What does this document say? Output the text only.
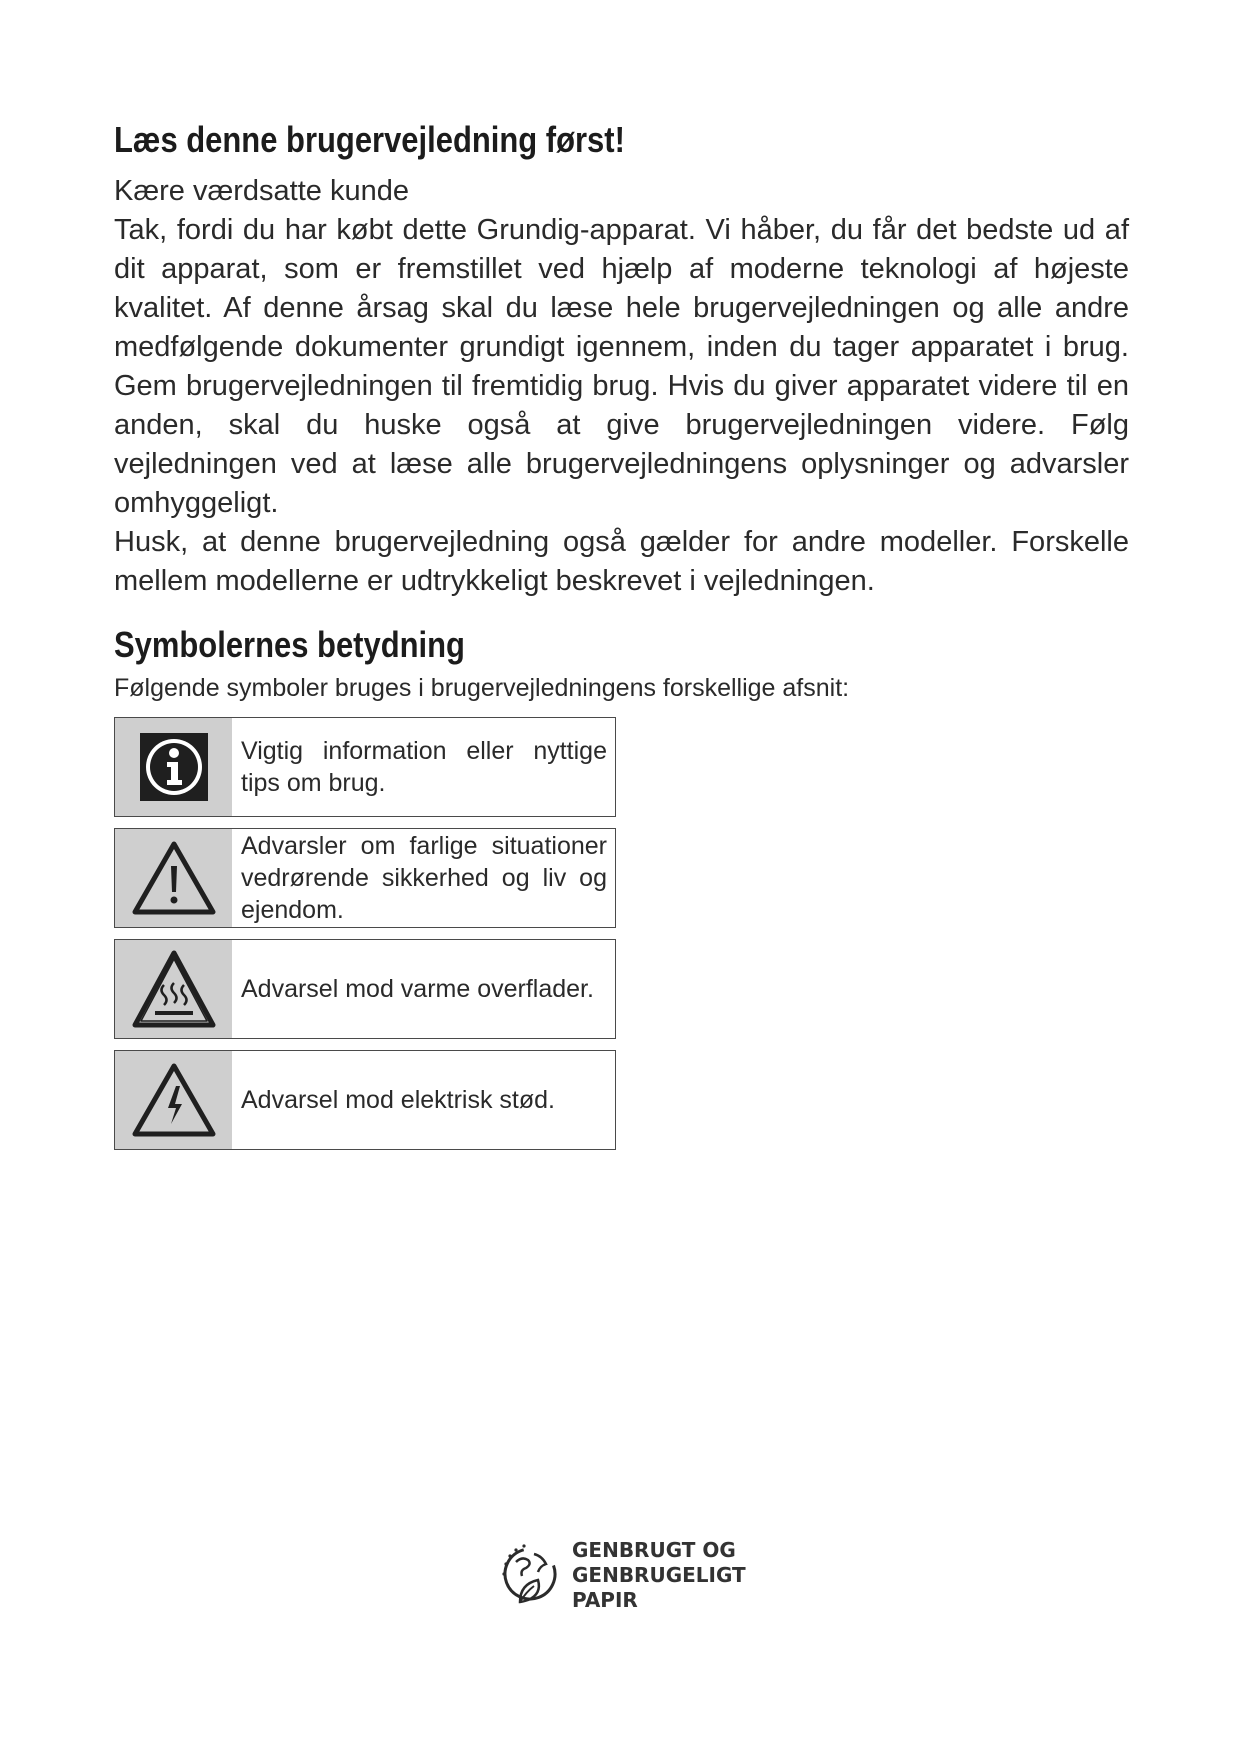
Læs denne brugervejledning først!
Kære værdsatte kunde
Tak, fordi du har købt dette Grundig-apparat. Vi håber, du får det bedste ud af dit apparat, som er fremstillet ved hjælp af moderne teknologi af højeste kvalitet. Af denne årsag skal du læse hele brugervejledningen og alle andre medfølgende dokumenter grundigt igennem, inden du tager apparatet i brug. Gem brugervejledningen til fremtidig brug. Hvis du giver apparatet videre til en anden, skal du huske også at give brugervejledningen videre. Følg vejledningen ved at læse alle brugervejledningens oplysninger og advarsler omhyggeligt.
Husk, at denne brugervejledning også gælder for andre modeller. Forskelle mellem modellerne er udtrykkeligt beskrevet i vejledningen.
Symbolernes betydning
Følgende symboler bruges i brugervejledningens forskellige afsnit:
Vigtig information eller nyttige tips om brug.
Advarsler om farlige situationer vedrørende sikkerhed og liv og ejendom.
Advarsel mod varme overflader.
Advarsel mod elektrisk stød.
GENBRUGT OG
GENBRUGELIGT
PAPIR
